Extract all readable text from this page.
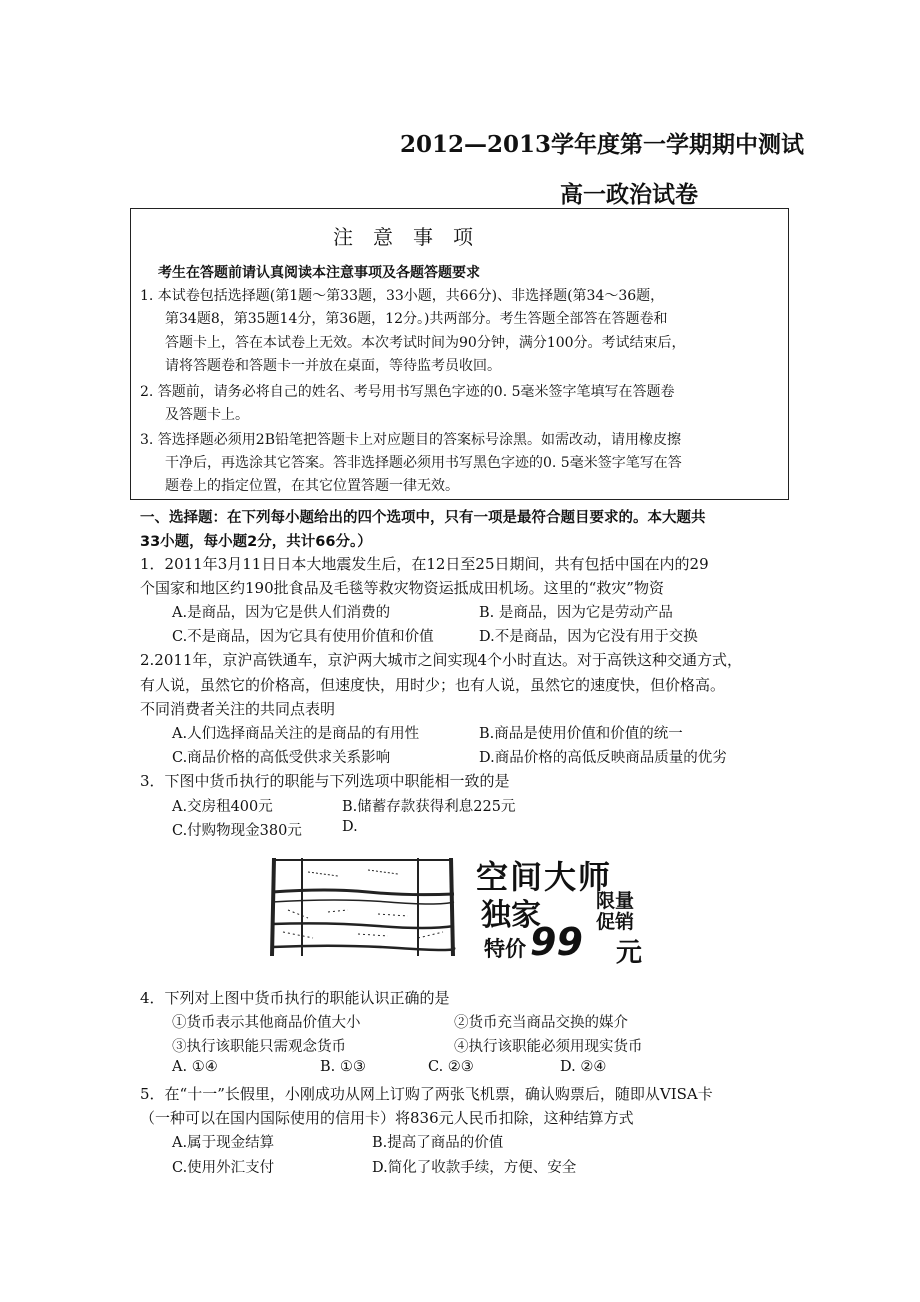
2012—2013学年度第一学期期中测试
高一政治试卷
注意事项
考生在答题前请认真阅读本注意事项及各题答题要求
1. 本试卷包括选择题(第1题～第33题，33小题，共66分)、非选择题(第34～36题，
第34题8，第35题14分，第36题，12分。)共两部分。考生答题全部答在答题卷和
答题卡上，答在本试卷上无效。本次考试时间为90分钟，满分100分。考试结束后，
请将答题卷和答题卡一并放在桌面，等待监考员收回。
2. 答题前，请务必将自己的姓名、考号用书写黑色字迹的0. 5毫米签字笔填写在答题卷
及答题卡上。
3. 答选择题必须用2B铅笔把答题卡上对应题目的答案标号涂黑。如需改动，请用橡皮擦
干净后，再选涂其它答案。答非选择题必须用书写黑色字迹的0. 5毫米签字笔写在答
题卷上的指定位置，在其它位置答题一律无效。
一、选择题：在下列每小题给出的四个选项中，只有一项是最符合题目要求的。本大题共
33小题，每小题2分，共计66分。）
1．2011年3月11日日本大地震发生后，在12日至25日期间，共有包括中国在内的29
个国家和地区约190批食品及毛毯等救灾物资运抵成田机场。这里的“救灾”物资
A.是商品，因为它是供人们消费的	B. 是商品，因为它是劳动产品
C.不是商品，因为它具有使用价值和价值	D.不是商品，因为它没有用于交换
2.2011年，京沪高铁通车，京沪两大城市之间实现4个小时直达。对于高铁这种交通方式，
有人说，虽然它的价格高，但速度快，用时少；也有人说，虽然它的速度快，但价格高。
不同消费者关注的共同点表明
A.人们选择商品关注的是商品的有用性	B.商品是使用价值和价值的统一
C.商品价格的高低受供求关系影响	D.商品价格的高低反映商品质量的优劣
3．下图中货币执行的职能与下列选项中职能相一致的是
A.交房租400元	B.储蓄存款获得利息225元
C.付购物现金380元	D.
空间大师
独家	限量
促销
特价 99 元
4．下列对上图中货币执行的职能认识正确的是
①货币表示其他商品价值大小	②货币充当商品交换的媒介
③执行该职能只需观念货币	④执行该职能必须用现实货币
A. ①④	B. ①③	C. ②③	D. ②④
5．在“十一”长假里，小刚成功从网上订购了两张飞机票，确认购票后，随即从VISA卡
（一种可以在国内国际使用的信用卡）将836元人民币扣除，这种结算方式
A.属于现金结算	B.提高了商品的价值
C.使用外汇支付	D.简化了收款手续，方便、安全
